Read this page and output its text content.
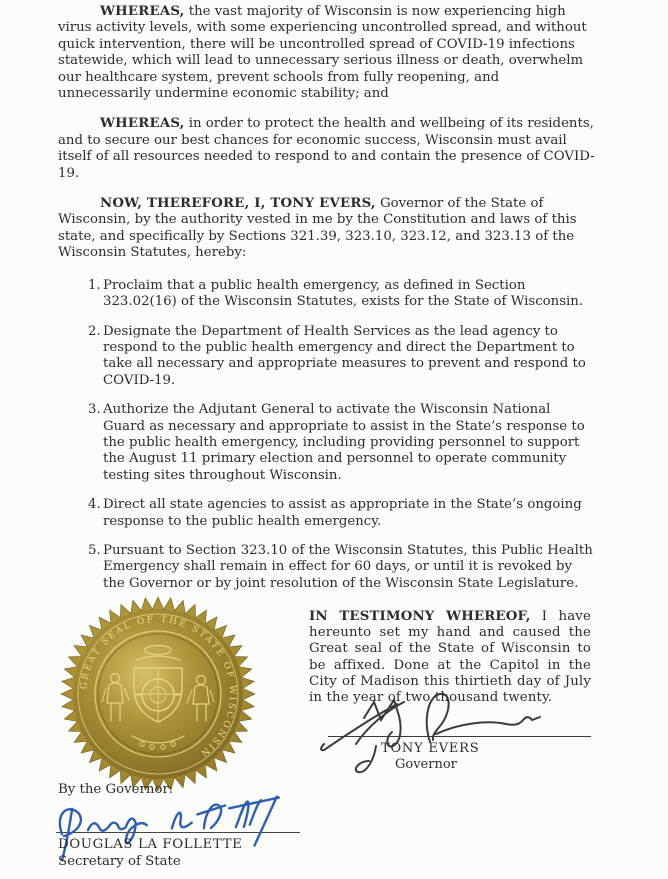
WHEREAS, the vast majority of Wisconsin is now experiencing high virus activity levels, with some experiencing uncontrolled spread, and without quick intervention, there will be uncontrolled spread of COVID-19 infections statewide, which will lead to unnecessary serious illness or death, overwhelm our healthcare system, prevent schools from fully reopening, and unnecessarily undermine economic stability; and

WHEREAS, in order to protect the health and wellbeing of its residents, and to secure our best chances for economic success, Wisconsin must avail itself of all resources needed to respond to and contain the presence of COVID-19.

NOW, THEREFORE, I, TONY EVERS, Governor of the State of Wisconsin, by the authority vested in me by the Constitution and laws of this state, and specifically by Sections 321.39, 323.10, 323.12, and 323.13 of the Wisconsin Statutes, hereby:

1. Proclaim that a public health emergency, as defined in Section 323.02(16) of the Wisconsin Statutes, exists for the State of Wisconsin.
2. Designate the Department of Health Services as the lead agency to respond to the public health emergency and direct the Department to take all necessary and appropriate measures to prevent and respond to COVID-19.
3. Authorize the Adjutant General to activate the Wisconsin National Guard as necessary and appropriate to assist in the State’s response to the public health emergency, including providing personnel to support the August 11 primary election and personnel to operate community testing sites throughout Wisconsin.
4. Direct all state agencies to assist as appropriate in the State’s ongoing response to the public health emergency.
5. Pursuant to Section 323.10 of the Wisconsin Statutes, this Public Health Emergency shall remain in effect for 60 days, or until it is revoked by the Governor or by joint resolution of the Wisconsin State Legislature.
GREAT SEAL OF THE STATE OF WISCONSIN
IN TESTIMONY WHEREOF, I have hereunto set my hand and caused the Great seal of the State of Wisconsin to be affixed. Done at the Capitol in the City of Madison this thirtieth day of July in the year of two thousand twenty.
TONY EVERS
Governor
By the Governor:
DOUGLAS LA FOLLETTE
Secretary of State
